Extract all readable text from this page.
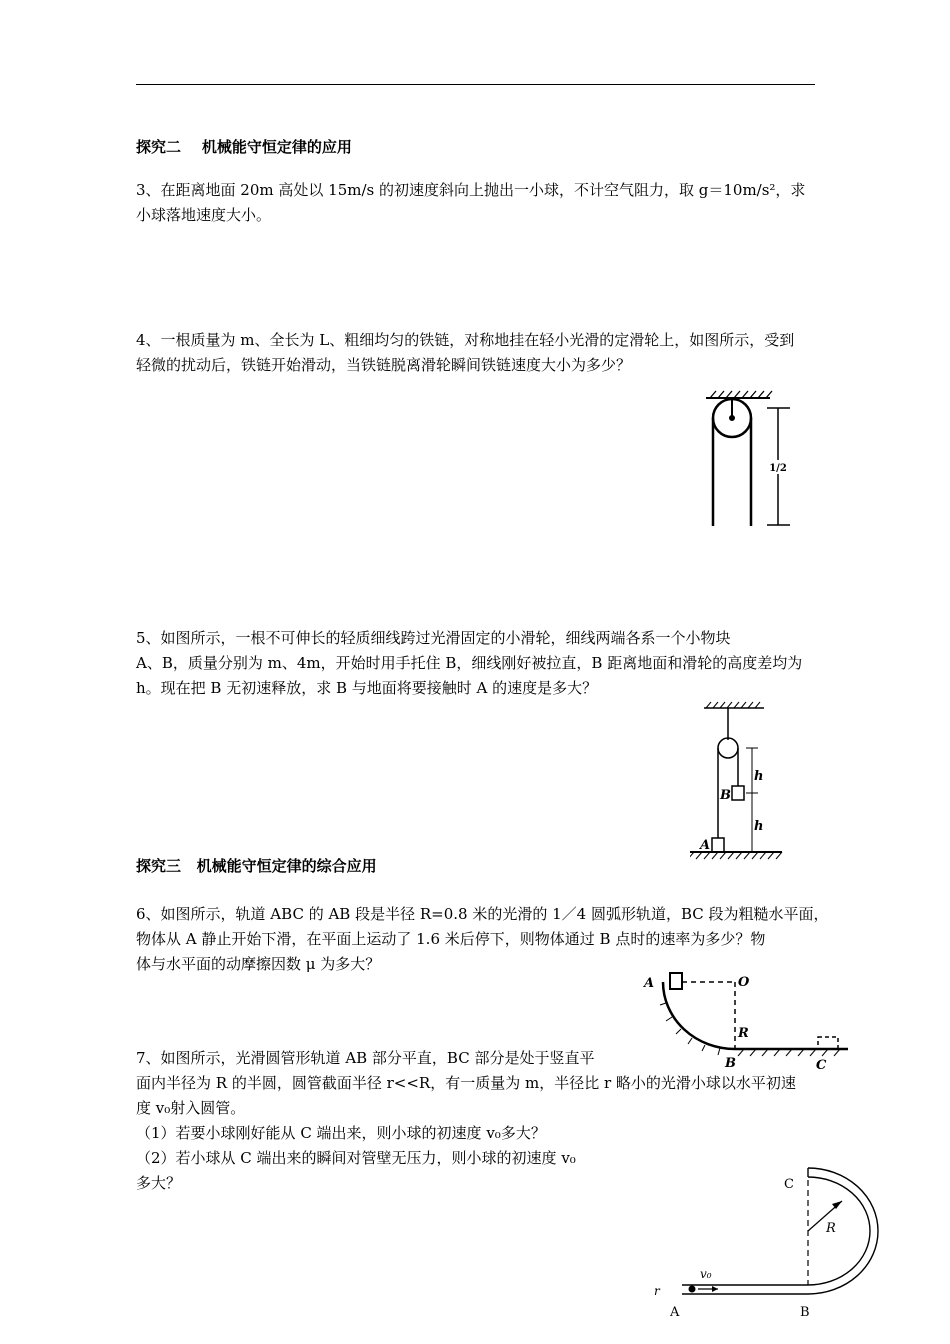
探究二    机械能守恒定律的应用
3、在距离地面 20m 高处以 15m/s 的初速度斜向上抛出一小球，不计空气阻力，取 g＝10m/s²，求
小球落地速度大小。
4、一根质量为 m、全长为 L、粗细均匀的铁链，对称地挂在轻小光滑的定滑轮上，如图所示，受到
轻微的扰动后，铁链开始滑动，当铁链脱离滑轮瞬间铁链速度大小为多少？
1/2
5、如图所示，一根不可伸长的轻质细线跨过光滑固定的小滑轮，细线两端各系一个小物块
A、B，质量分别为 m、4m，开始时用手托住 B，细线刚好被拉直，B 距离地面和滑轮的高度差均为
h。现在把 B 无初速释放，求 B 与地面将要接触时 A 的速度是多大？
h
h
B
A
探究三   机械能守恒定律的综合应用
6、如图所示，轨道 ABC 的 AB 段是半径 R=0.8 米的光滑的 1／4 圆弧形轨道，BC 段为粗糙水平面，
物体从 A 静止开始下滑，在平面上运动了 1.6 米后停下，则物体通过 B 点时的速率为多少？物
体与水平面的动摩擦因数 μ 为多大？
A	O
R
B	C
7、如图所示，光滑圆管形轨道 AB 部分平直，BC 部分是处于竖直平
面内半径为 R 的半圆，圆管截面半径 r<<R，有一质量为 m，半径比 r 略小的光滑小球以水平初速
度 v₀射入圆管。
（1）若要小球刚好能从 C 端出来，则小球的初速度 v₀多大？
（2）若小球从 C 端出来的瞬间对管壁无压力，则小球的初速度 v₀
多大？	C
R
v₀
r
A	B
